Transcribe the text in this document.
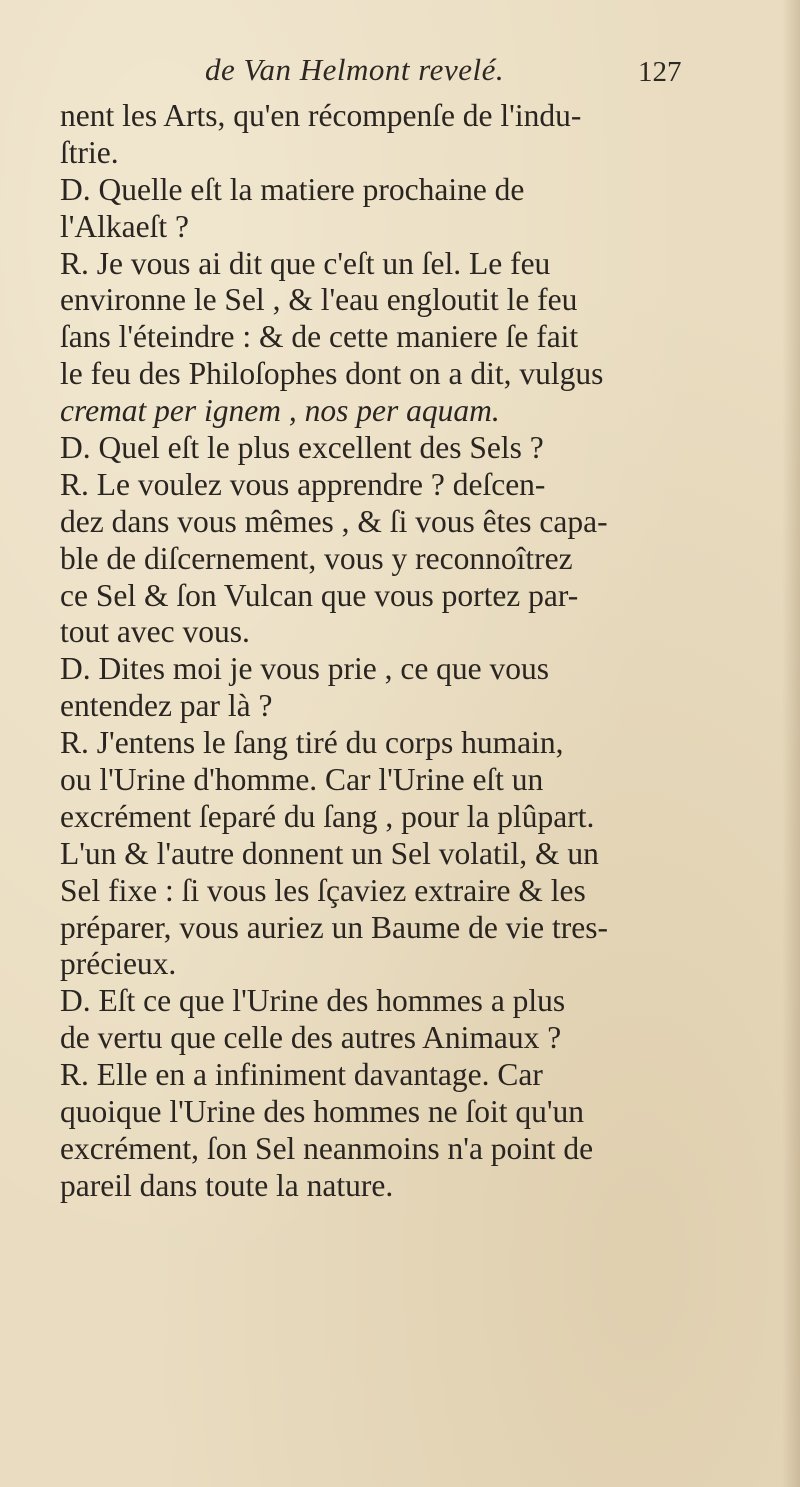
de Van Helmont revelé.	127
nent les Arts, qu'en récompenſe de l'indu-
ſtrie.
D. Quelle eſt la matiere prochaine de
l'Alkaeſt ?
R. Je vous ai dit que c'eſt un ſel. Le feu
environne le Sel , & l'eau engloutit le feu
ſans l'éteindre : & de cette maniere ſe fait
le feu des Philoſophes dont on a dit, vulgus
cremat per ignem , nos per aquam.
D. Quel eſt le plus excellent des Sels ?
R. Le voulez vous apprendre ? deſcen-
dez dans vous mêmes , & ſi vous êtes capa-
ble de diſcernement, vous y reconnoîtrez
ce Sel & ſon Vulcan que vous portez par-
tout avec vous.
D. Dites moi je vous prie , ce que vous
entendez par là ?
R. J'entens le ſang tiré du corps humain,
ou l'Urine d'homme. Car l'Urine eſt un
excrément ſeparé du ſang , pour la plûpart.
L'un & l'autre donnent un Sel volatil, & un
Sel fixe : ſi vous les ſçaviez extraire & les
préparer, vous auriez un Baume de vie tres-
précieux.
D. Eſt ce que l'Urine des hommes a plus
de vertu que celle des autres Animaux ?
R. Elle en a infiniment davantage. Car
quoique l'Urine des hommes ne ſoit qu'un
excrément, ſon Sel neanmoins n'a point de
pareil dans toute la nature.
